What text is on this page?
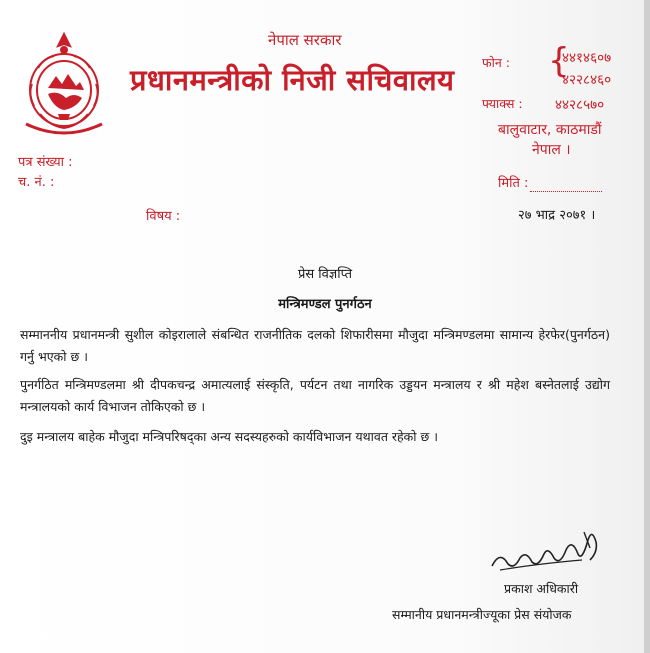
नेपाल सरकार
प्रधानमन्त्रीको निजी सचिवालय
फोन : {
४४१४६०७
४२२८४६०
फ्याक्स : ४४२८५७०
बालुवाटार, काठमाडौं
नेपाल ।
पत्र संख्या :
च. नं. :	मिति :
विषय :	२७ भाद्र २०७१ ।
प्रेस विज्ञप्ति
मन्त्रिमण्डल पुनर्गठन
सम्माननीय प्रधानमन्त्री सुशील कोइरालाले संबन्धित राजनीतिक दलको शिफारीसमा मौजुदा मन्त्रिमण्डलमा सामान्य हेरफेर(पुनर्गठन) गर्नु भएको छ ।
पुनर्गठित मन्त्रिमण्डलमा श्री दीपकचन्द्र अमात्यलाई संस्कृति, पर्यटन तथा नागरिक उड्डयन मन्त्रालय र श्री महेश बस्नेतलाई उद्योग मन्त्रालयको कार्य विभाजन तोकिएको छ ।
दुइ मन्त्रालय बाहेक मौजुदा मन्त्रिपरिषद्का अन्य सदस्यहरुको कार्यविभाजन यथावत रहेको छ ।
प्रकाश अधिकारी
सम्मानीय प्रधानमन्त्रीज्यूका प्रेस संयोजक
